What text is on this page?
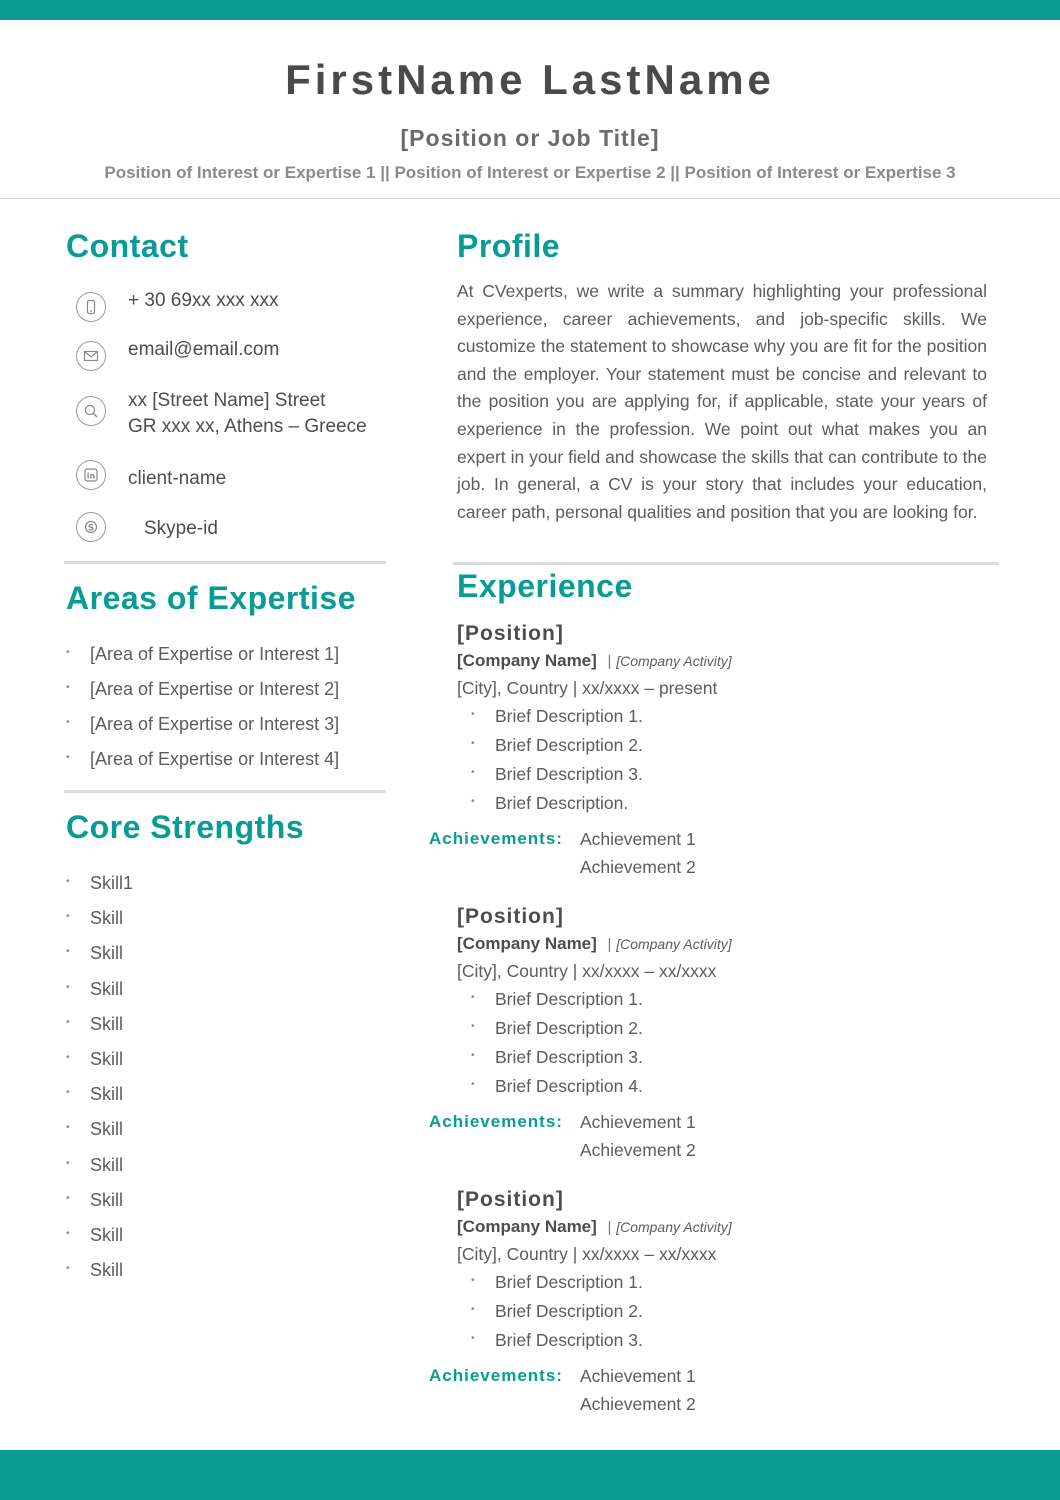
FirstName LastName
[Position or Job Title]
Position of Interest or Expertise 1 || Position of Interest or Expertise 2 || Position of Interest or Expertise 3
Contact
+ 30 69xx xxx xxx
email@email.com
xx [Street Name] Street
GR xxx xx, Athens – Greece
in client-name
S	Skype-id
Areas of Expertise
• [Area of Expertise or Interest 1]
• [Area of Expertise or Interest 2]
• [Area of Expertise or Interest 3]
• [Area of Expertise or Interest 4]
Core Strengths
• Skill1
• Skill
• Skill
• Skill
• Skill
• Skill
• Skill
• Skill
• Skill
• Skill
• Skill
• Skill
Profile
At CVexperts, we write a summary highlighting your professional experience, career achievements, and job-specific skills. We customize the statement to showcase why you are fit for the position and the employer. Your statement must be concise and relevant to the position you are applying for, if applicable, state your years of experience in the profession. We point out what makes you an expert in your field and showcase the skills that can contribute to the job. In general, a CV is your story that includes your education, career path, personal qualities and position that you are looking for.
Experience
[Position]
[Company Name] | [Company Activity]
[City], Country | xx/xxxx – present
• Brief Description 1.
• Brief Description 2.
• Brief Description 3.
• Brief Description.
Achievements: Achievement 1
Achievement 2
[Position]
[Company Name] | [Company Activity]
[City], Country | xx/xxxx – xx/xxxx
• Brief Description 1.
• Brief Description 2.
• Brief Description 3.
• Brief Description 4.
Achievements: Achievement 1
Achievement 2
[Position]
[Company Name] | [Company Activity]
[City], Country | xx/xxxx – xx/xxxx
• Brief Description 1.
• Brief Description 2.
• Brief Description 3.
Achievements: Achievement 1
Achievement 2
